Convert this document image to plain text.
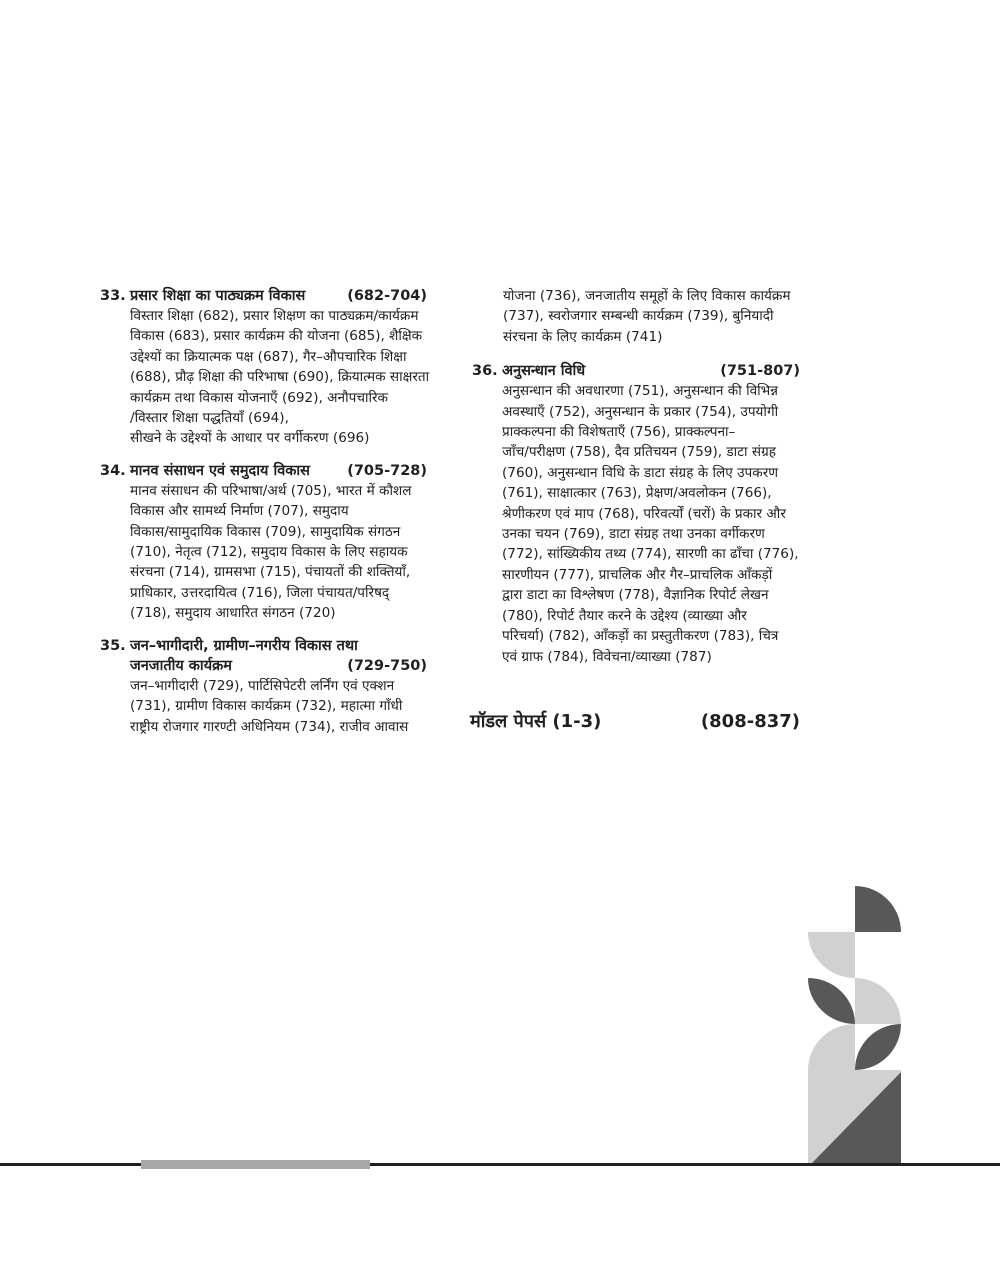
33. प्रसार शिक्षा का पाठ्यक्रम विकास	(682-704)
विस्तार शिक्षा (682), प्रसार शिक्षण का पाठ्यक्रम/कार्यक्रम
विकास (683), प्रसार कार्यक्रम की योजना (685), शैक्षिक
उद्देश्यों का क्रियात्मक पक्ष (687), गैर–औपचारिक शिक्षा
(688), प्रौढ़ शिक्षा की परिभाषा (690), क्रियात्मक साक्षरता
कार्यक्रम तथा विकास योजनाएँ (692), अनौपचारिक
/विस्तार शिक्षा पद्धतियाँ (694),
सीखने के उद्देश्यों के आधार पर वर्गीकरण (696)
34. मानव संसाधन एवं समुदाय विकास	(705-728)
मानव संसाधन की परिभाषा/अर्थ (705), भारत में कौशल
विकास और सामर्थ्य निर्माण (707), समुदाय
विकास/सामुदायिक विकास (709), सामुदायिक संगठन
(710), नेतृत्व (712), समुदाय विकास के लिए सहायक
संरचना (714), ग्रामसभा (715), पंचायतों की शक्तियाँ,
प्राधिकार, उत्तरदायित्व (716), जिला पंचायत/परिषद्
(718), समुदाय आधारित संगठन (720)
35. जन–भागीदारी, ग्रामीण–नगरीय विकास तथा
जनजातीय कार्यक्रम	(729-750)
जन–भागीदारी (729), पार्टिसिपेटरी लर्निंग एवं एक्शन
(731), ग्रामीण विकास कार्यक्रम (732), महात्मा गाँधी
राष्ट्रीय रोजगार गारण्टी अधिनियम (734), राजीव आवास
योजना (736), जनजातीय समूहों के लिए विकास कार्यक्रम
(737), स्वरोजगार सम्बन्धी कार्यक्रम (739), बुनियादी
संरचना के लिए कार्यक्रम (741)
36. अनुसन्धान विधि	(751-807)
अनुसन्धान की अवधारणा (751), अनुसन्धान की विभिन्न
अवस्थाएँ (752), अनुसन्धान के प्रकार (754), उपयोगी
प्राक्कल्पना की विशेषताएँ (756), प्राक्कल्पना–
जाँच/परीक्षण (758), दैव प्रतिचयन (759), डाटा संग्रह
(760), अनुसन्धान विधि के डाटा संग्रह के लिए उपकरण
(761), साक्षात्कार (763), प्रेक्षण/अवलोकन (766),
श्रेणीकरण एवं माप (768), परिवर्त्यों (चरों) के प्रकार और
उनका चयन (769), डाटा संग्रह तथा उनका वर्गीकरण
(772), सांख्यिकीय तथ्य (774), सारणी का ढाँचा (776),
सारणीयन (777), प्राचलिक और गैर–प्राचलिक आँकड़ों
द्वारा डाटा का विश्लेषण (778), वैज्ञानिक रिपोर्ट लेखन
(780), रिपोर्ट तैयार करने के उद्देश्य (व्याख्या और
परिचर्या) (782), आँकड़ों का प्रस्तुतीकरण (783), चित्र
एवं ग्राफ (784), विवेचना/व्याख्या (787)
मॉडल पेपर्स (1-3)	(808-837)
